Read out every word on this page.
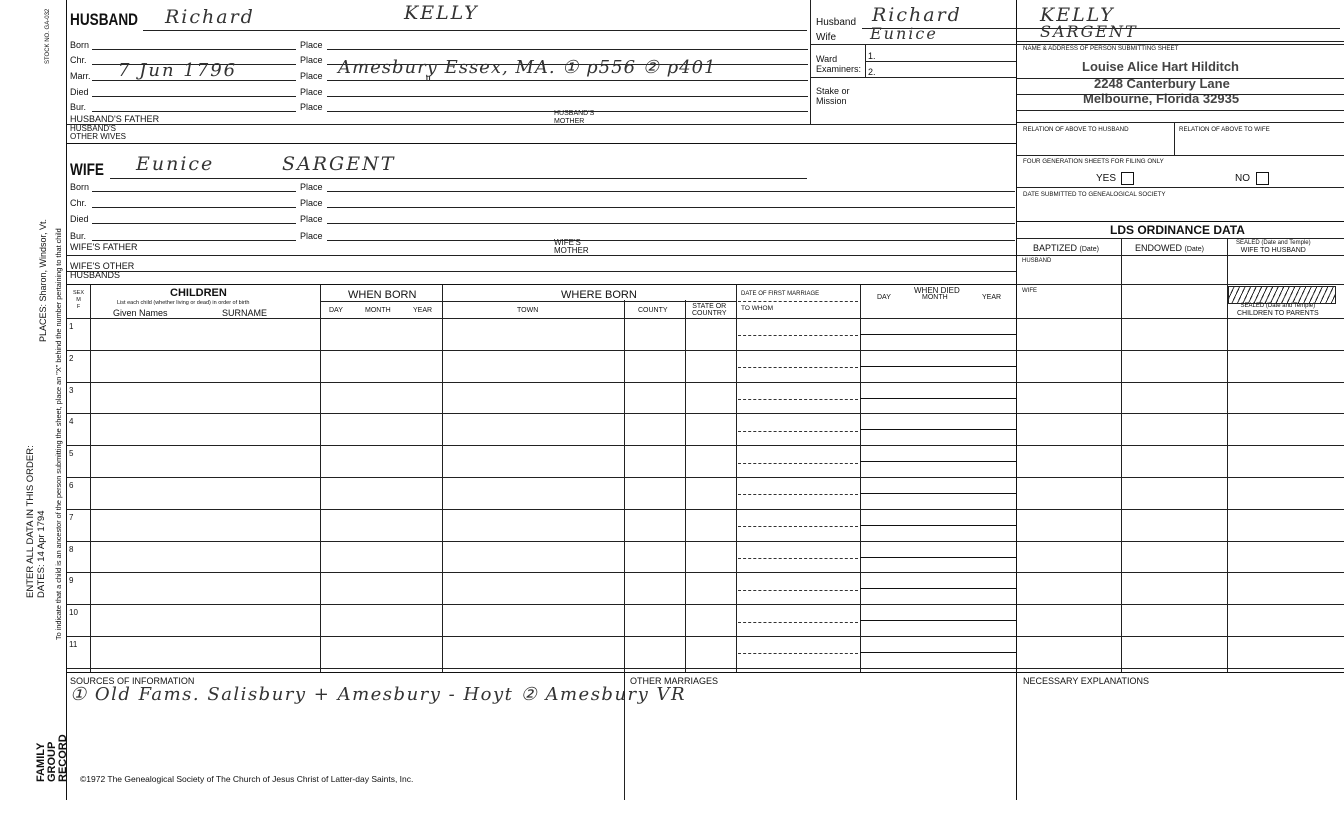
STOCK NO. GA-032
PLACES: Sharon, Windsor, Vt. To indicate that a child is an ancestor of the person submitting the sheet, place an "X" behind the number pertaining to that child
ENTER ALL DATA IN THIS ORDER: DATES: 14 Apr 1794
FAMILY GROUP RECORD
HUSBAND Richard	KELLY
Born	Place
Chr.	Place
Marr.	Place
7 Jun 1796	Amesbury Essex, MA. ① p556 ② p401
"
Died	Place
Bur.	Place
HUSBAND'S FATHER
HUSBAND'S
MOTHER
HUSBAND'S
OTHER WIVES
WIFE Eunice	SARGENT
Born	Place
Chr.	Place
Died	Place
Bur.	Place
WIFE'S FATHER	WIFE'S
MOTHER
WIFE'S OTHER
HUSBANDS
Husband Richard	KELLY
Wife Eunice	SARGENT
Ward
Examiners:
1.
2.
Stake or
Mission
NAME & ADDRESS OF PERSON SUBMITTING SHEET
Louise Alice Hart Hilditch
2248 Canterbury Lane
Melbourne, Florida 32935
RELATION OF ABOVE TO HUSBAND	RELATION OF ABOVE TO WIFE
FOUR GENERATION SHEETS FOR FILING ONLY
YES	NO
DATE SUBMITTED TO GENEALOGICAL SOCIETY
LDS ORDINANCE DATA
BAPTIZED (Date)	ENDOWED (Date)
SEALED (Date and Temple)
WIFE TO HUSBAND
HUSBAND
WIFE
SEALED (Date and Temple)
CHILDREN TO PARENTS
SEX
M
F
CHILDREN
List each child (whether living or dead) in order of birth
Given Names	SURNAME
WHEN BORN
DAY	MONTH	YEAR
WHERE BORN
TOWN	COUNTY
STATE OR
COUNTRY
DATE OF FIRST MARRIAGE
TO WHOM
WHEN DIED
DAY	MONTH	YEAR
1
2
3
4
5
6
7
8
9
10
11
SOURCES OF INFORMATION
① Old Fams. Salisbury + Amesbury - Hoyt ② Amesbury VR
OTHER MARRIAGES	NECESSARY EXPLANATIONS
©1972 The Genealogical Society of The Church of Jesus Christ of Latter-day Saints, Inc.
